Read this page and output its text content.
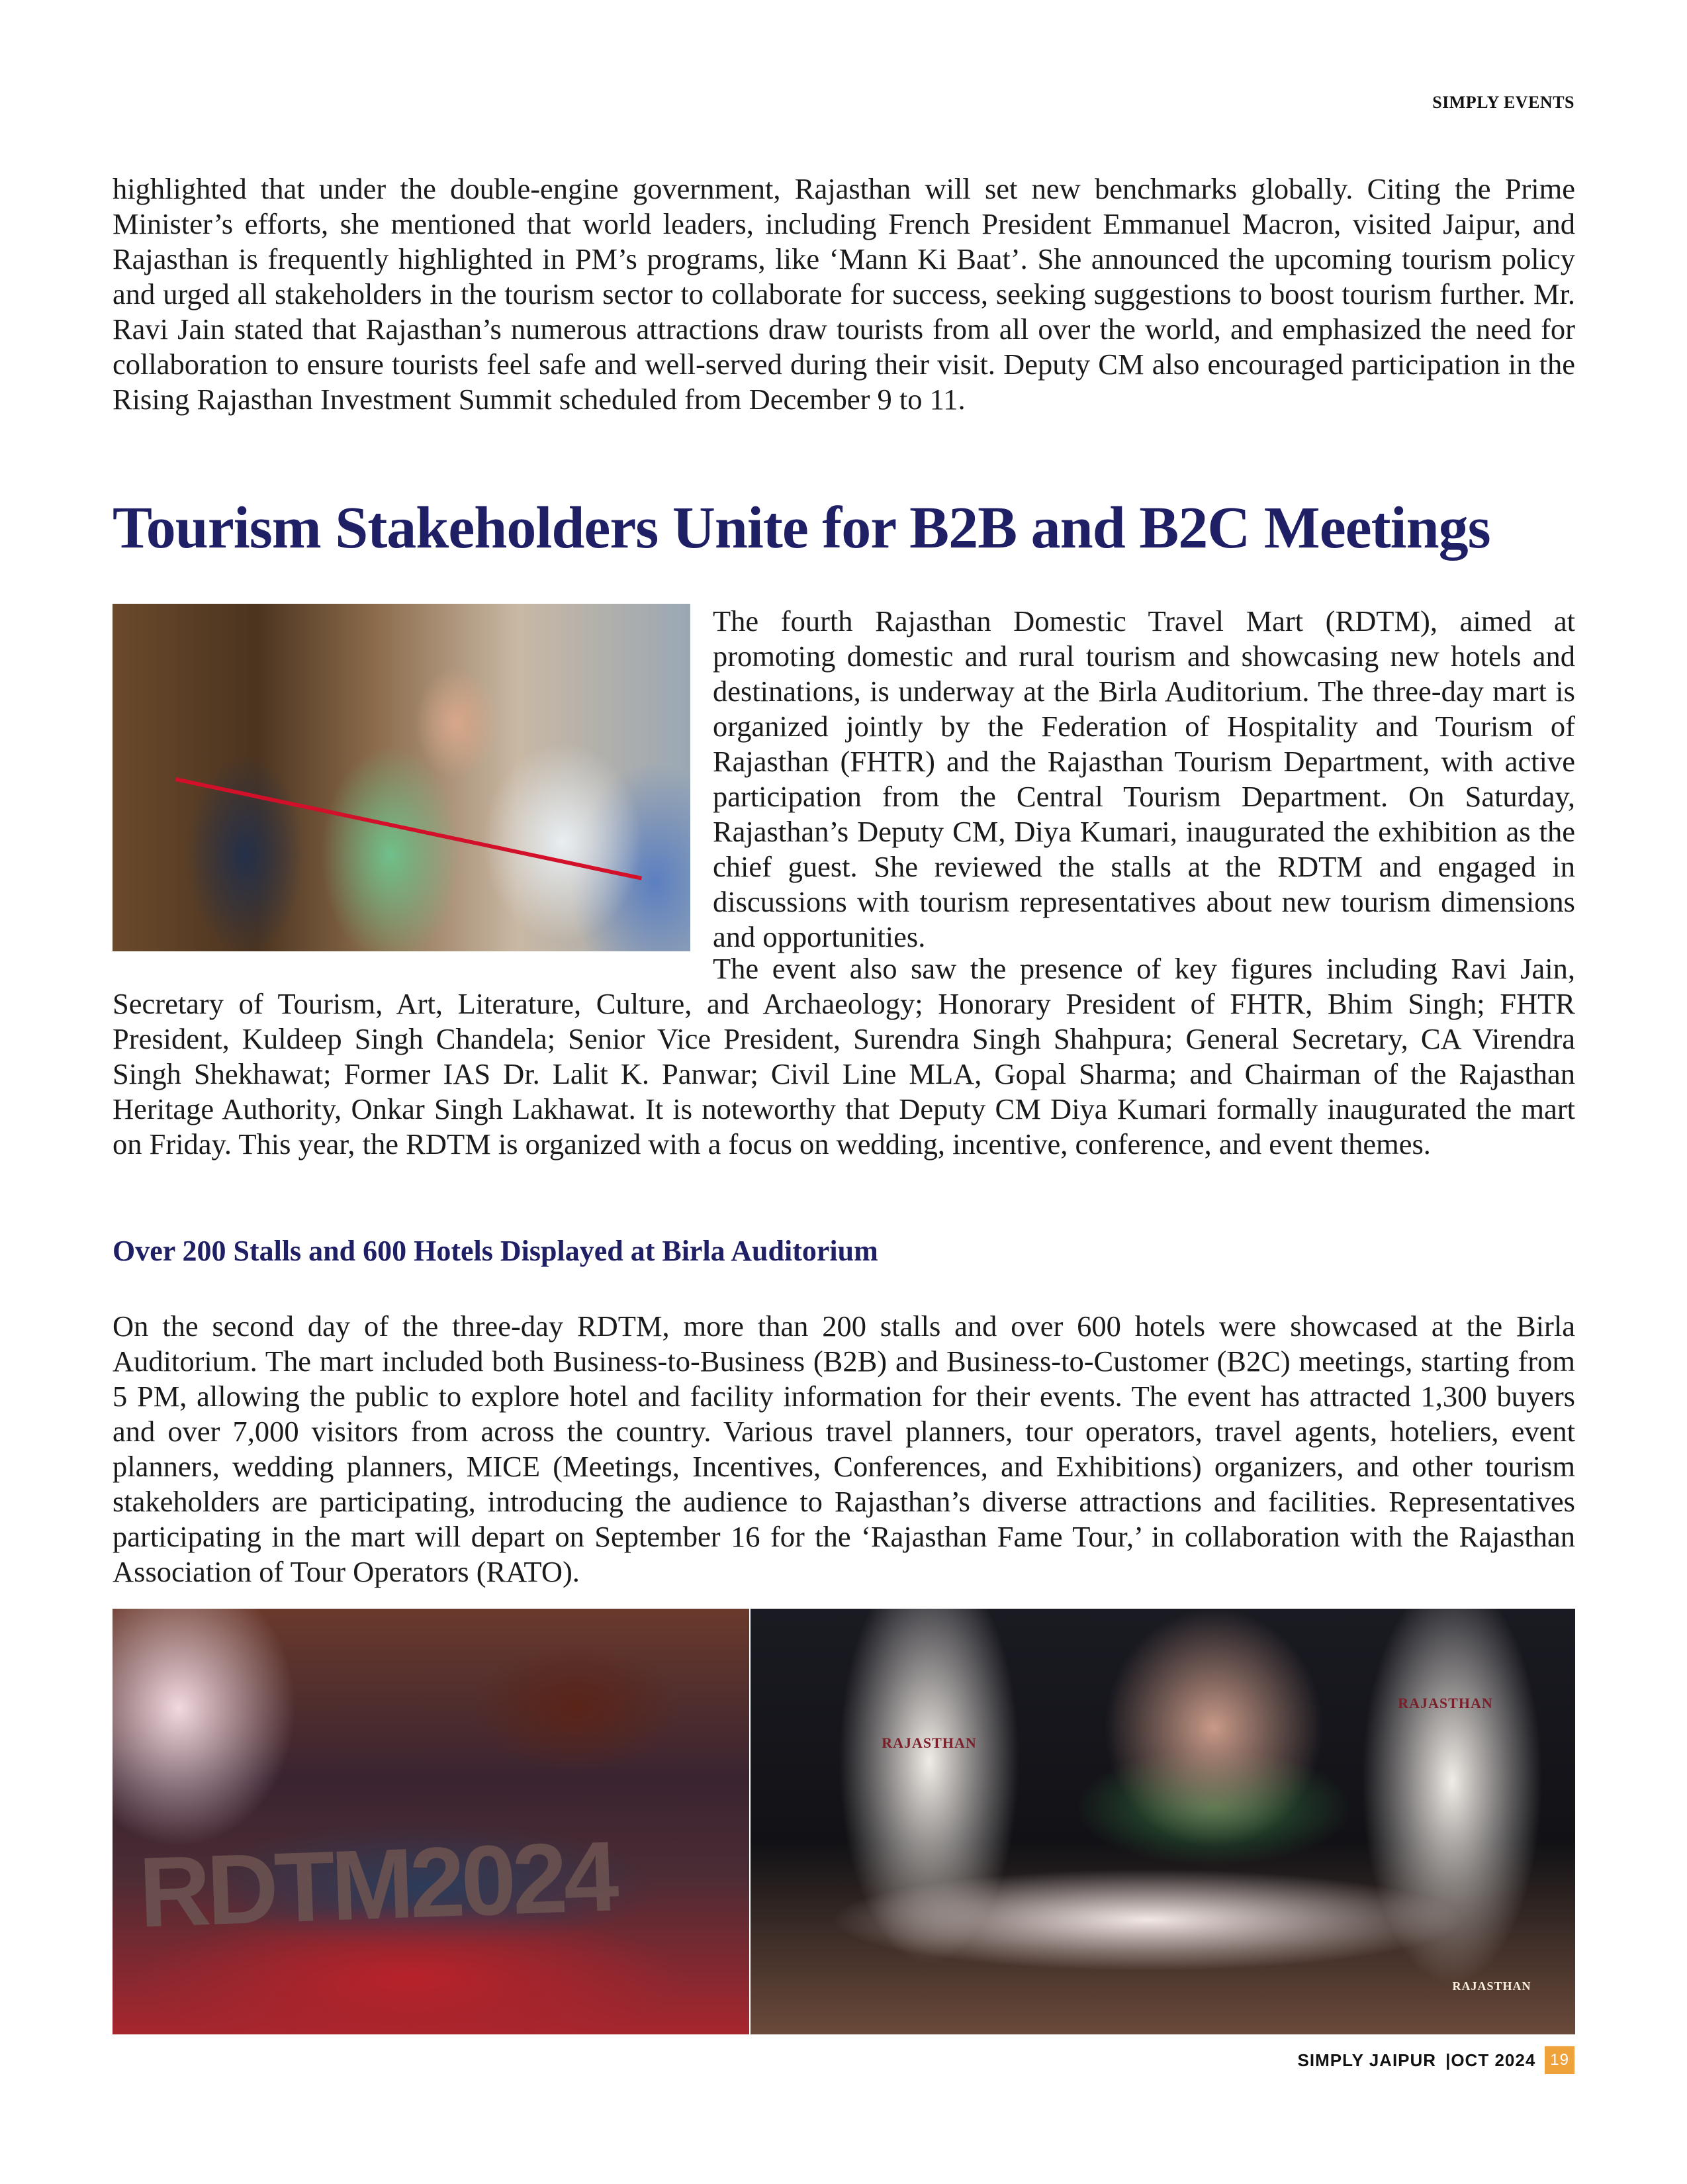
SIMPLY EVENTS

highlighted that under the double-engine government, Rajasthan will set new benchmarks globally. Citing the Prime Minister’s efforts, she mentioned that world leaders, including French President Emmanuel Macron, visited Jaipur, and Rajasthan is frequently highlighted in PM’s programs, like ‘Mann Ki Baat’. She announced the upcoming tourism policy and urged all stakeholders in the tourism sector to collaborate for success, seeking suggestions to boost tourism further. Mr. Ravi Jain stated that Rajasthan’s numerous attractions draw tourists from all over the world, and emphasized the need for collaboration to ensure tourists feel safe and well-served during their visit. Deputy CM also encouraged participation in the Rising Rajasthan Investment Summit scheduled from December 9 to 11.

Tourism Stakeholders Unite for B2B and B2C Meetings

The fourth Rajasthan Domestic Travel Mart (RDTM), aimed at promoting domestic and rural tourism and showcasing new hotels and destinations, is underway at the Birla Auditorium. The three-day mart is organized jointly by the Federation of Hospitality and Tourism of Rajasthan (FHTR) and the Rajasthan Tourism Department, with active participation from the Central Tourism Department. On Saturday, Rajasthan’s Deputy CM, Diya Kumari, inaugurated the exhibition as the chief guest. She reviewed the stalls at the RDTM and engaged in discussions with tourism representatives about new tourism dimensions and opportunities.

The event also saw the presence of key figures including Ravi Jain, Secretary of Tourism, Art, Literature, Culture, and Archaeology; Honorary President of FHTR, Bhim Singh; FHTR President, Kuldeep Singh Chandela; Senior Vice President, Surendra Singh Shahpura; General Secretary, CA Virendra Singh Shekhawat; Former IAS Dr. Lalit K. Panwar; Civil Line MLA, Gopal Sharma; and Chairman of the Rajasthan Heritage Authority, Onkar Singh Lakhawat. It is noteworthy that Deputy CM Diya Kumari formally inaugurated the mart on Friday. This year, the RDTM is organized with a focus on wedding, incentive, conference, and event themes.

Over 200 Stalls and 600 Hotels Displayed at Birla Auditorium

On the second day of the three-day RDTM, more than 200 stalls and over 600 hotels were showcased at the Birla Auditorium. The mart included both Business-to-Business (B2B) and Business-to-Customer (B2C) meetings, starting from 5 PM, allowing the public to explore hotel and facility information for their events. The event has attracted 1,300 buyers and over 7,000 visitors from across the country. Various travel planners, tour operators, travel agents, hoteliers, event planners, wedding planners, MICE (Meetings, Incentives, Conferences, and Exhibitions) organizers, and other tourism stakeholders are participating, introducing the audience to Rajasthan’s diverse attractions and facilities. Representatives participating in the mart will depart on September 16 for the ‘Rajasthan Fame Tour,’ in collaboration with the Rajasthan Association of Tour Operators (RATO).

RDTM2024
RAJASTHAN
RAJASTHAN
RAJASTHAN
SIMPLY JAIPUR |OCT 2024 19
